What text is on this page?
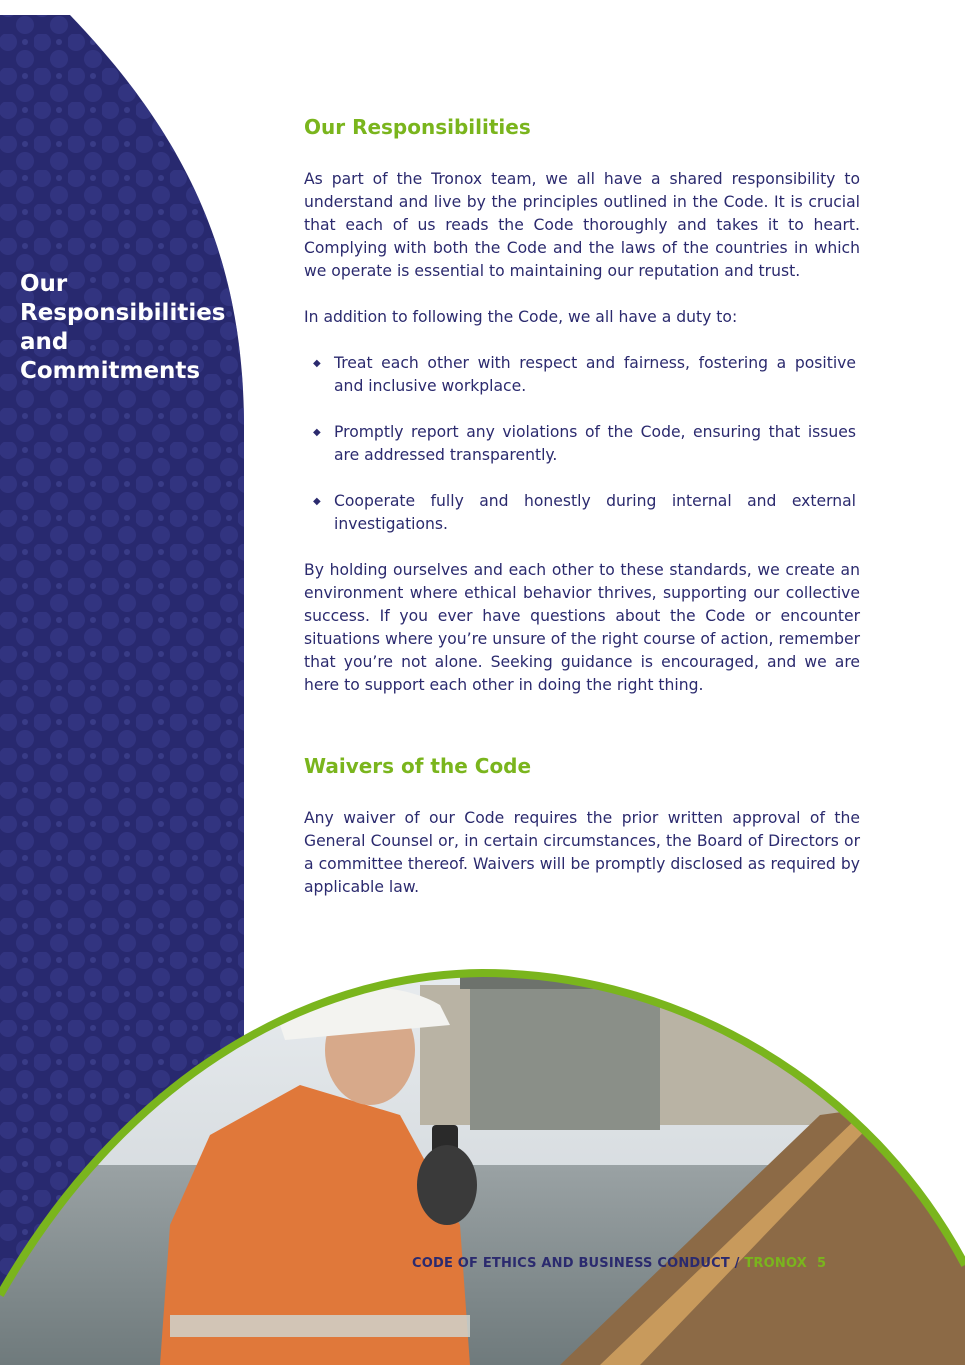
Our
Responsibilities
and
Commitments
Our Responsibilities

As part of the Tronox team, we all have a shared responsibility to understand and live by the principles outlined in the Code. It is crucial that each of us reads the Code thoroughly and takes it to heart. Complying with both the Code and the laws of the countries in which we operate is essential to maintaining our reputation and trust.

In addition to following the Code, we all have a duty to:

◆ Treat each other with respect and fairness, fostering a positive and inclusive workplace.
◆ Promptly report any violations of the Code, ensuring that issues are addressed transparently.
◆ Cooperate fully and honestly during internal and external investigations.

By holding ourselves and each other to these standards, we create an environment where ethical behavior thrives, supporting our collective success. If you ever have questions about the Code or encounter situations where you’re unsure of the right course of action, remember that you’re not alone. Seeking guidance is encouraged, and we are here to support each other in doing the right thing.

Waivers of the Code

Any waiver of our Code requires the prior written approval of the General Counsel or, in certain circumstances, the Board of Directors or a committee thereof. Waivers will be promptly disclosed as required by applicable law.

CODE OF ETHICS AND BUSINESS CONDUCT / TRONOX 5
